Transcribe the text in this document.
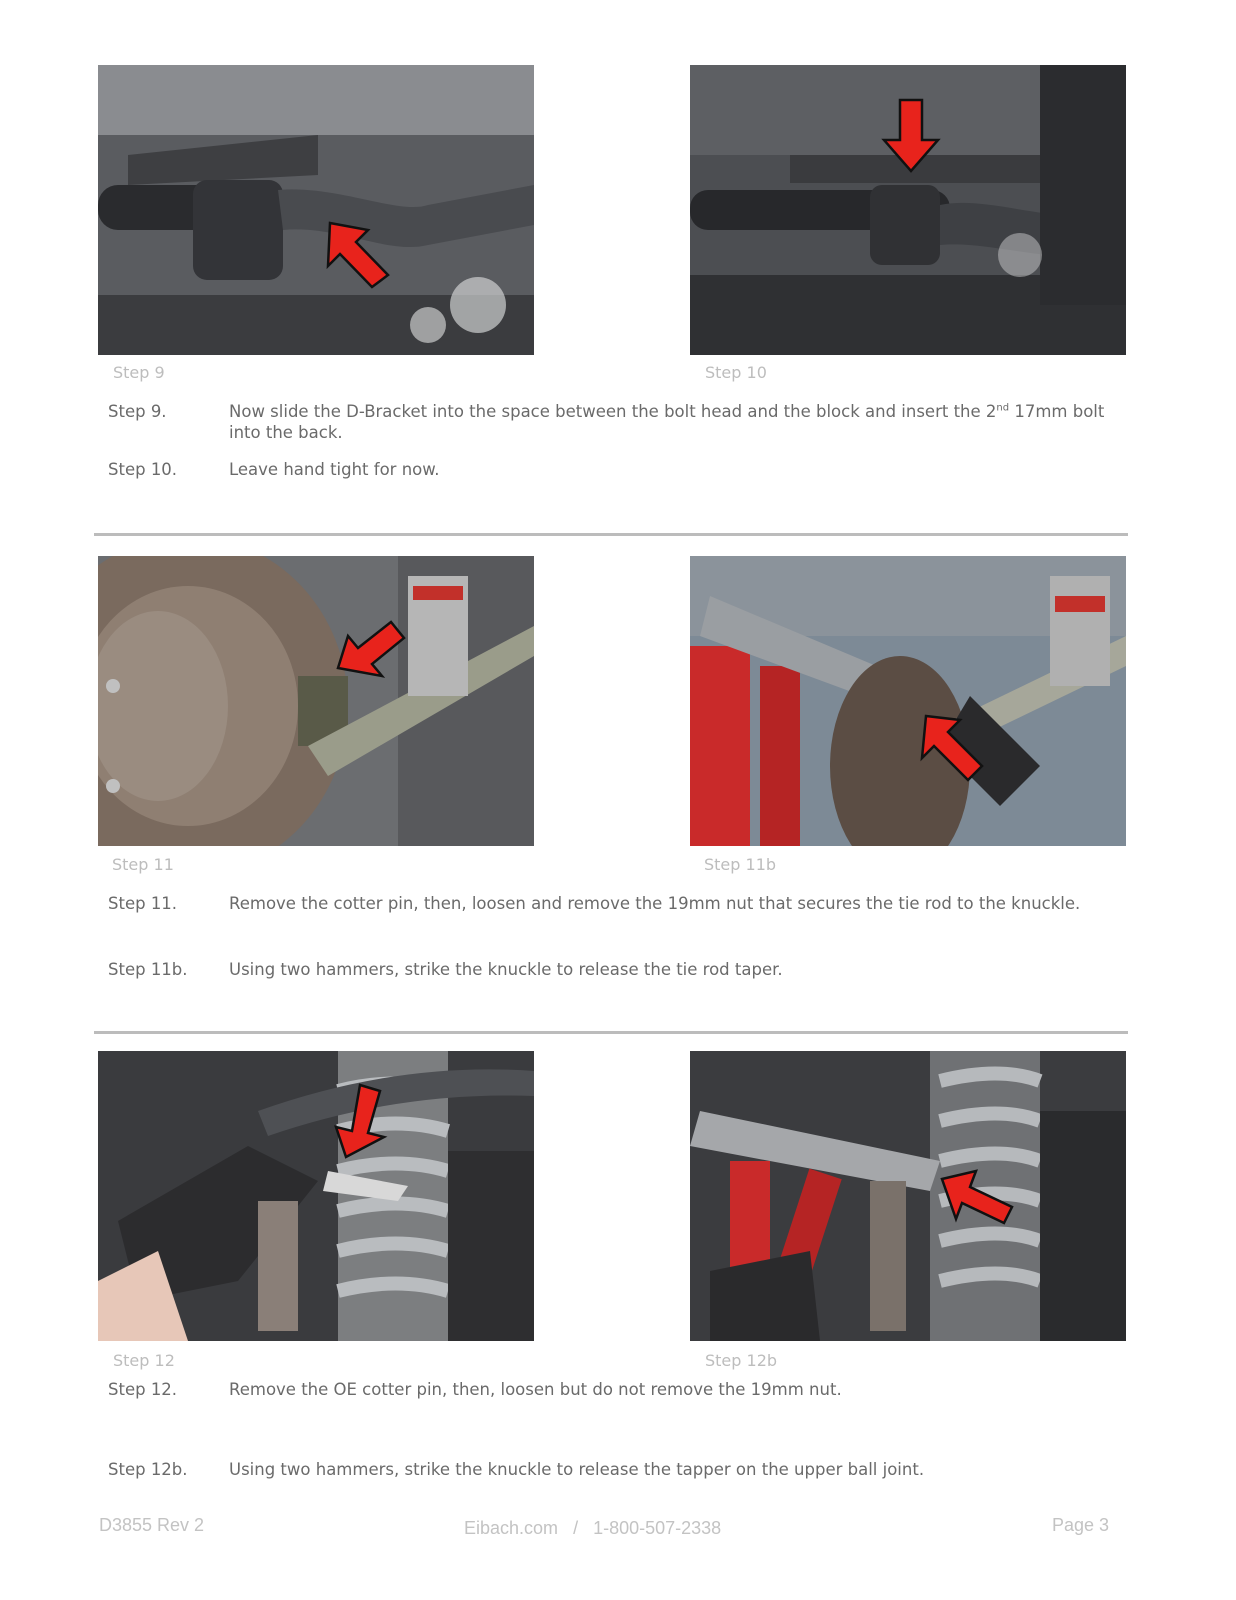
Step 9	Step 10
Step 9.	Now slide the D-Bracket into the space between the bolt head and the block and insert the 2nd 17mm bolt into the back.
Step 10.	Leave hand tight for now.
Step 11	Step 11b
Step 11.	Remove the cotter pin, then, loosen and remove the 19mm nut that secures the tie rod to the knuckle.
Step 11b.	Using two hammers, strike the knuckle to release the tie rod taper.
Step 12	Step 12b
Step 12.	Remove the OE cotter pin, then, loosen but do not remove the 19mm nut.
Step 12b.	Using two hammers, strike the knuckle to release the tapper on the upper ball joint.
D3855 Rev 2	Eibach.com / 1-800-507-2338	Page 3
